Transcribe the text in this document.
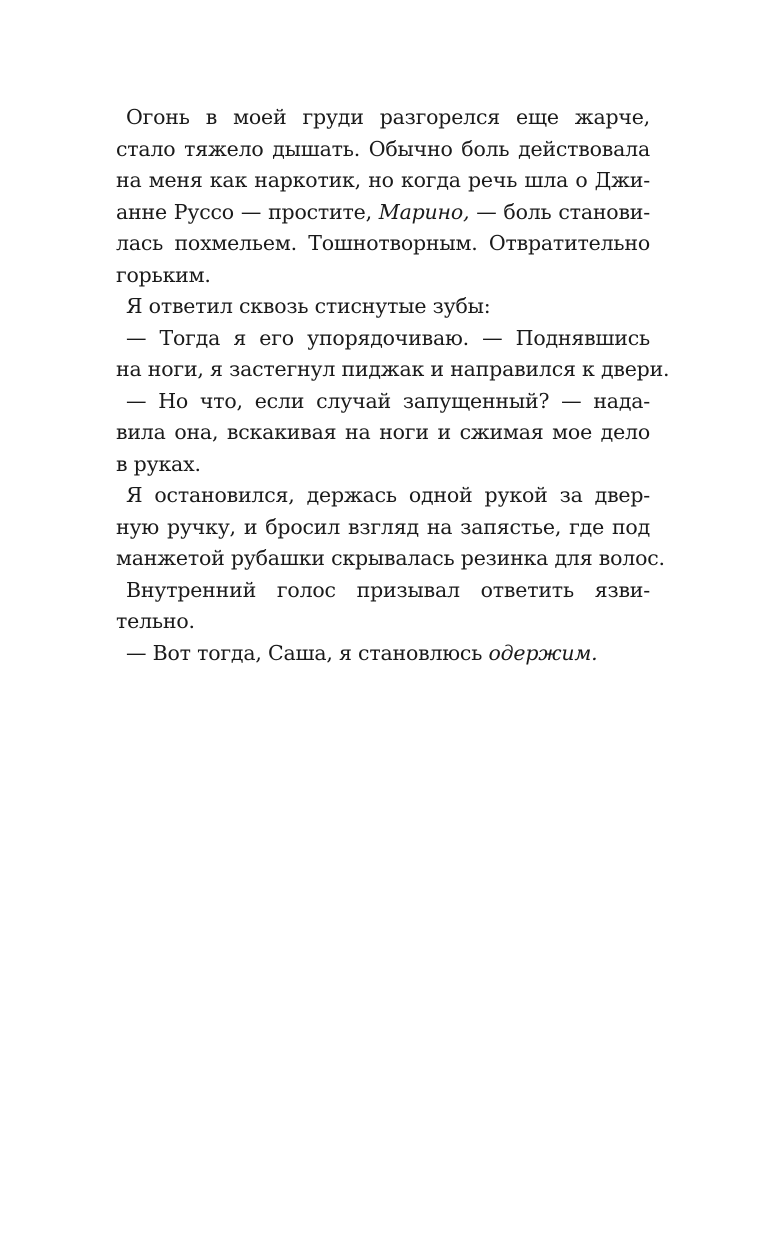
Огонь в моей груди разгорелся еще жарче,
стало тяжело дышать. Обычно боль действовала
на меня как наркотик, но когда речь шла о Джи-
анне Руссо — простите, Марино, — боль станови-
лась похмельем. Тошнотворным. Отвратительно
горьким.
Я ответил сквозь стиснутые зубы:
— Тогда я его упорядочиваю. — Поднявшись
на ноги, я застегнул пиджак и направился к двери.
— Но что, если случай запущенный? — нада-
вила она, вскакивая на ноги и сжимая мое дело
в руках.
Я остановился, держась одной рукой за двер-
ную ручку, и бросил взгляд на запястье, где под
манжетой рубашки скрывалась резинка для волос.
Внутренний голос призывал ответить язви-
тельно.
— Вот тогда, Саша, я становлюсь одержим.
